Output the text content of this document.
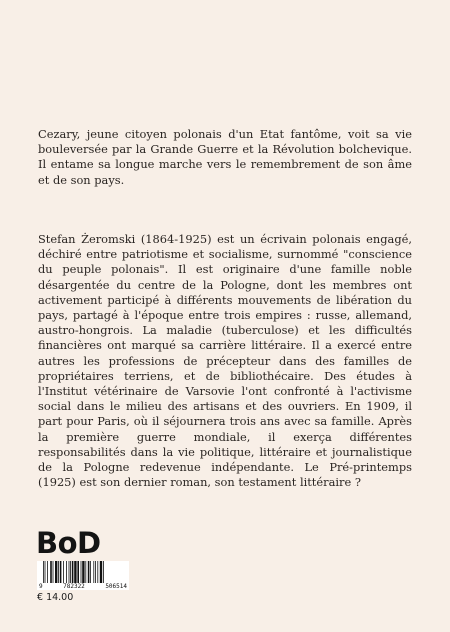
Cezary, jeune citoyen polonais d'un Etat fantôme, voit sa vie bouleversée par la Grande Guerre et la Révolution bolchevique. Il entame sa longue marche vers le remembrement de son âme et de son pays.

Stefan Żeromski (1864-1925) est un écrivain polonais engagé, déchiré entre patriotisme et socialisme, surnommé "conscience du peuple polonais". Il est originaire d'une famille noble désargentée du centre de la Pologne, dont les membres ont activement participé à différents mouvements de libération du pays, partagé à l'époque entre trois empires : russe, allemand, austro-hongrois. La maladie (tuberculose) et les difficultés financières ont marqué sa carrière littéraire. Il a exercé entre autres les professions de précepteur dans des familles de propriétaires terriens, et de bibliothécaire. Des études à l'Institut vétérinaire de Varsovie l'ont confronté à l'activisme social dans le milieu des artisans et des ouvriers. En 1909, il part pour Paris, où il séjournera trois ans avec sa famille. Après la première guerre mondiale, il exerça différentes responsabilités dans la vie politique, littéraire et journalistique de la Pologne redevenue indépendante. Le Pré-printemps (1925) est son dernier roman, son testament littéraire ?

BoD
9	782322	506514
€ 14.00
